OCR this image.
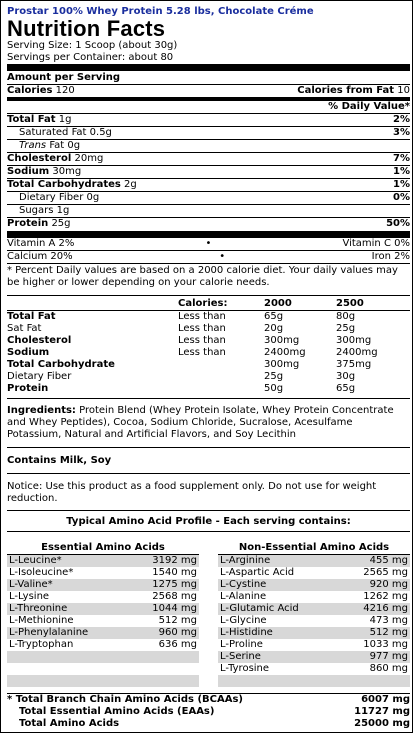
Prostar 100% Whey Protein 5.28 lbs, Chocolate Créme
Nutrition Facts
Serving Size: 1 Scoop (about 30g)
Servings per Container: about 80
Amount per Serving
Calories 120	Calories from Fat 10
% Daily Value*
Total Fat 1g	2%
Saturated Fat 0.5g	3%
Trans Fat 0g
Cholesterol 20mg	7%
Sodium 30mg	1%
Total Carbohydrates 2g	1%
Dietary Fiber 0g	0%
Sugars 1g
Protein 25g	50%
Vitamin A 2%	•	Vitamin C 0%
Calcium 20%	•	Iron 2%
* Percent Daily values are based on a 2000 calorie diet. Your daily values may be higher or lower depending on your calorie needs.
	Calories:	2000	2500

Total Fat	Less than	65g	80g
Sat Fat	Less than	20g	25g
Cholesterol	Less than	300mg	300mg
Sodium	Less than	2400mg	2400mg
Total Carbohydrate		300mg	375mg
Dietary Fiber		25g	30g
Protein		50g	65g
Ingredients: Protein Blend (Whey Protein Isolate, Whey Protein Concentrate and Whey Peptides), Cocoa, Sodium Chloride, Sucralose, Acesulfame Potassium, Natural and Artificial Flavors, and Soy Lecithin
Contains Milk, Soy
Notice: Use this product as a food supplement only. Do not use for weight reduction.
Typical Amino Acid Profile - Each serving contains:
Essential Amino Acids
L-Leucine*	3192 mg
L-Isoleucine*	1540 mg
L-Valine*	1275 mg
L-Lysine	2568 mg
L-Threonine	1044 mg
L-Methionine	512 mg
L-Phenylalanine	960 mg
L-Tryptophan	636 mg

Non-Essential Amino Acids
L-Arginine	455 mg
L-Aspartic Acid	2565 mg
L-Cystine	920 mg
L-Alanine	1262 mg
L-Glutamic Acid	4216 mg
L-Glycine	473 mg
L-Histidine	512 mg
L-Proline	1033 mg
L-Serine	977 mg
L-Tyrosine	860 mg

* Total Branch Chain Amino Acids (BCAAs)	6007 mg
Total Essential Amino Acids (EAAs)	11727 mg
Total Amino Acids	25000 mg
